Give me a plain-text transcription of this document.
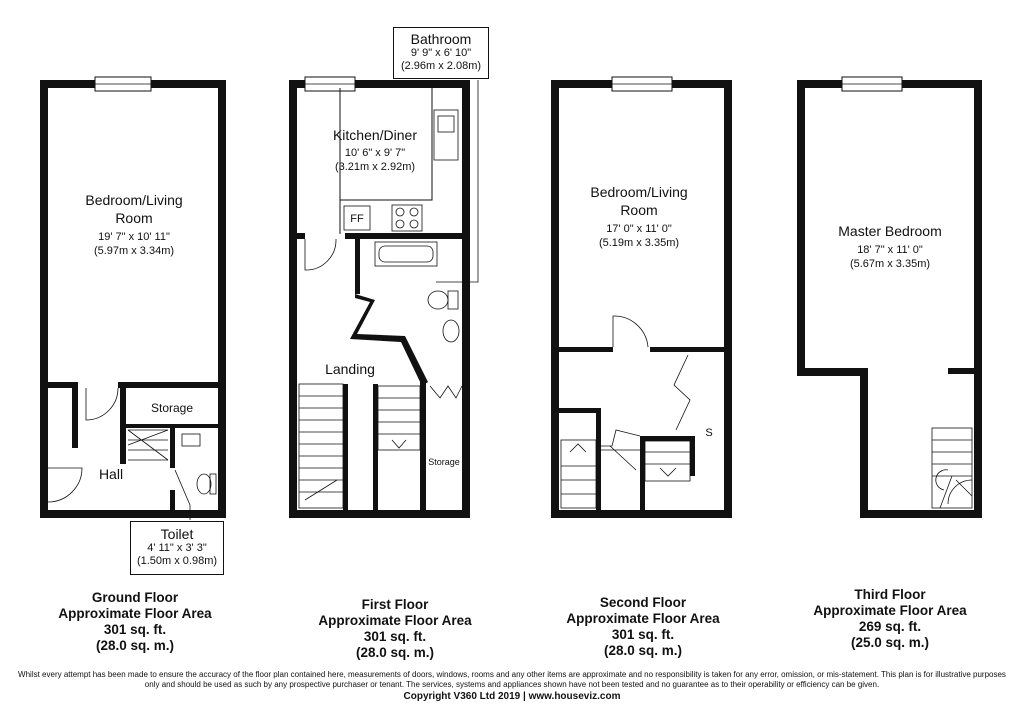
Bedroom/Living
Room
19' 7" x 10' 11"
(5.97m x 3.34m)
Storage
Hall
Kitchen/Diner
10' 6" x 9' 7"
(3.21m x 2.92m)
FF
Landing
Storage
Bedroom/Living
Room
17' 0" x 11' 0"
(5.19m x 3.35m)
S
Master Bedroom
18' 7" x 11' 0"
(5.67m x 3.35m)
Bathroom
9' 9" x 6' 10"
(2.96m x 2.08m)
Toilet
4' 11" x 3' 3"
(1.50m x 0.98m)
Ground Floor
Approximate Floor Area
301 sq. ft.
(28.0 sq. m.)
First Floor
Approximate Floor Area
301 sq. ft.
(28.0 sq. m.)
Second Floor
Approximate Floor Area
301 sq. ft.
(28.0 sq. m.)
Third Floor
Approximate Floor Area
269 sq. ft.
(25.0 sq. m.)
Whilst every attempt has been made to ensure the accuracy of the floor plan contained here, measurements of doors, windows, rooms and any other items are approximate and no responsibility is taken for any error, omission, or mis-statement. This plan is for illustrative purposes only and should be used as such by any prospective purchaser or tenant. The services, systems and appliances shown have not been tested and no guarantee as to their operability or efficiency can be given.
Copyright V360 Ltd 2019 | www.houseviz.com
